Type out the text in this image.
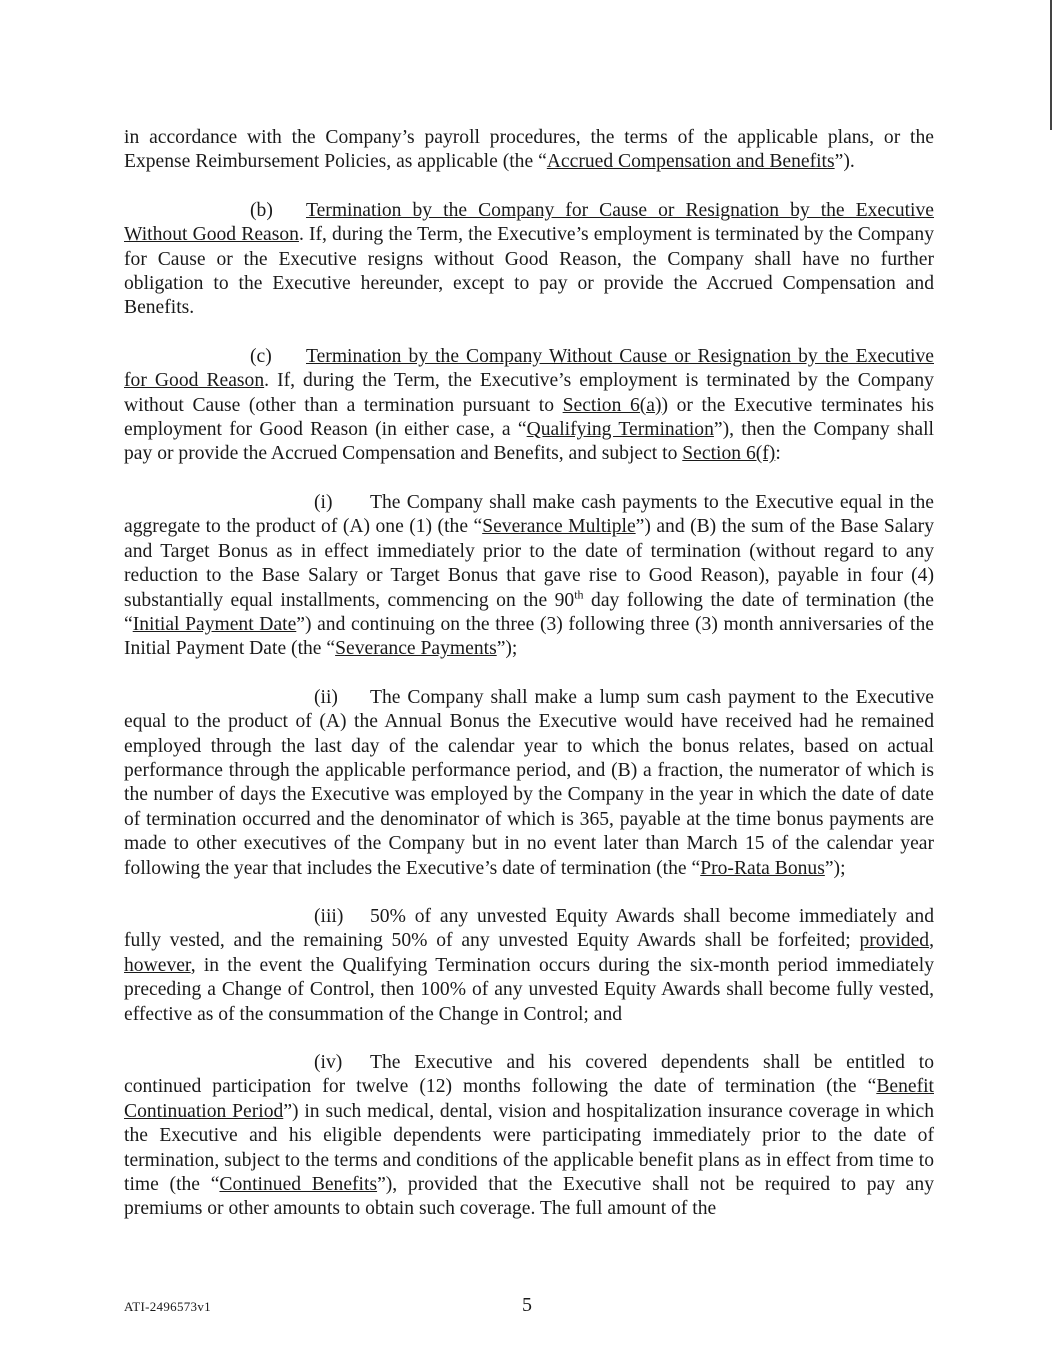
in accordance with the Company’s payroll procedures, the terms of the applicable plans, or the Expense Reimbursement Policies, as applicable (the “Accrued Compensation and Benefits”).

(b) Termination by the Company for Cause or Resignation by the Executive Without Good Reason. If, during the Term, the Executive’s employment is terminated by the Company for Cause or the Executive resigns without Good Reason, the Company shall have no further obligation to the Executive hereunder, except to pay or provide the Accrued Compensation and Benefits.

(c) Termination by the Company Without Cause or Resignation by the Executive for Good Reason. If, during the Term, the Executive’s employment is terminated by the Company without Cause (other than a termination pursuant to Section 6(a)) or the Executive terminates his employment for Good Reason (in either case, a “Qualifying Termination”), then the Company shall pay or provide the Accrued Compensation and Benefits, and subject to Section 6(f):

(i) The Company shall make cash payments to the Executive equal in the aggregate to the product of (A) one (1) (the “Severance Multiple”) and (B) the sum of the Base Salary and Target Bonus as in effect immediately prior to the date of termination (without regard to any reduction to the Base Salary or Target Bonus that gave rise to Good Reason), payable in four (4) substantially equal installments, commencing on the 90th day following the date of termination (the “Initial Payment Date”) and continuing on the three (3) following three (3) month anniversaries of the Initial Payment Date (the “Severance Payments”);

(ii) The Company shall make a lump sum cash payment to the Executive equal to the product of (A) the Annual Bonus the Executive would have received had he remained employed through the last day of the calendar year to which the bonus relates, based on actual performance through the applicable performance period, and (B) a fraction, the numerator of which is the number of days the Executive was employed by the Company in the year in which the date of date of termination occurred and the denominator of which is 365, payable at the time bonus payments are made to other executives of the Company but in no event later than March 15 of the calendar year following the year that includes the Executive’s date of termination (the “Pro-Rata Bonus”);

(iii) 50% of any unvested Equity Awards shall become immediately and fully vested, and the remaining 50% of any unvested Equity Awards shall be forfeited; provided, however, in the event the Qualifying Termination occurs during the six-month period immediately preceding a Change of Control, then 100% of any unvested Equity Awards shall become fully vested, effective as of the consummation of the Change in Control; and

(iv) The Executive and his covered dependents shall be entitled to continued participation for twelve (12) months following the date of termination (the “Benefit Continuation Period”) in such medical, dental, vision and hospitalization insurance coverage in which the Executive and his eligible dependents were participating immediately prior to the date of termination, subject to the terms and conditions of the applicable benefit plans as in effect from time to time (the “Continued Benefits”), provided that the Executive shall not be required to pay any premiums or other amounts to obtain such coverage. The full amount of the

ATI-2496573v1	5
